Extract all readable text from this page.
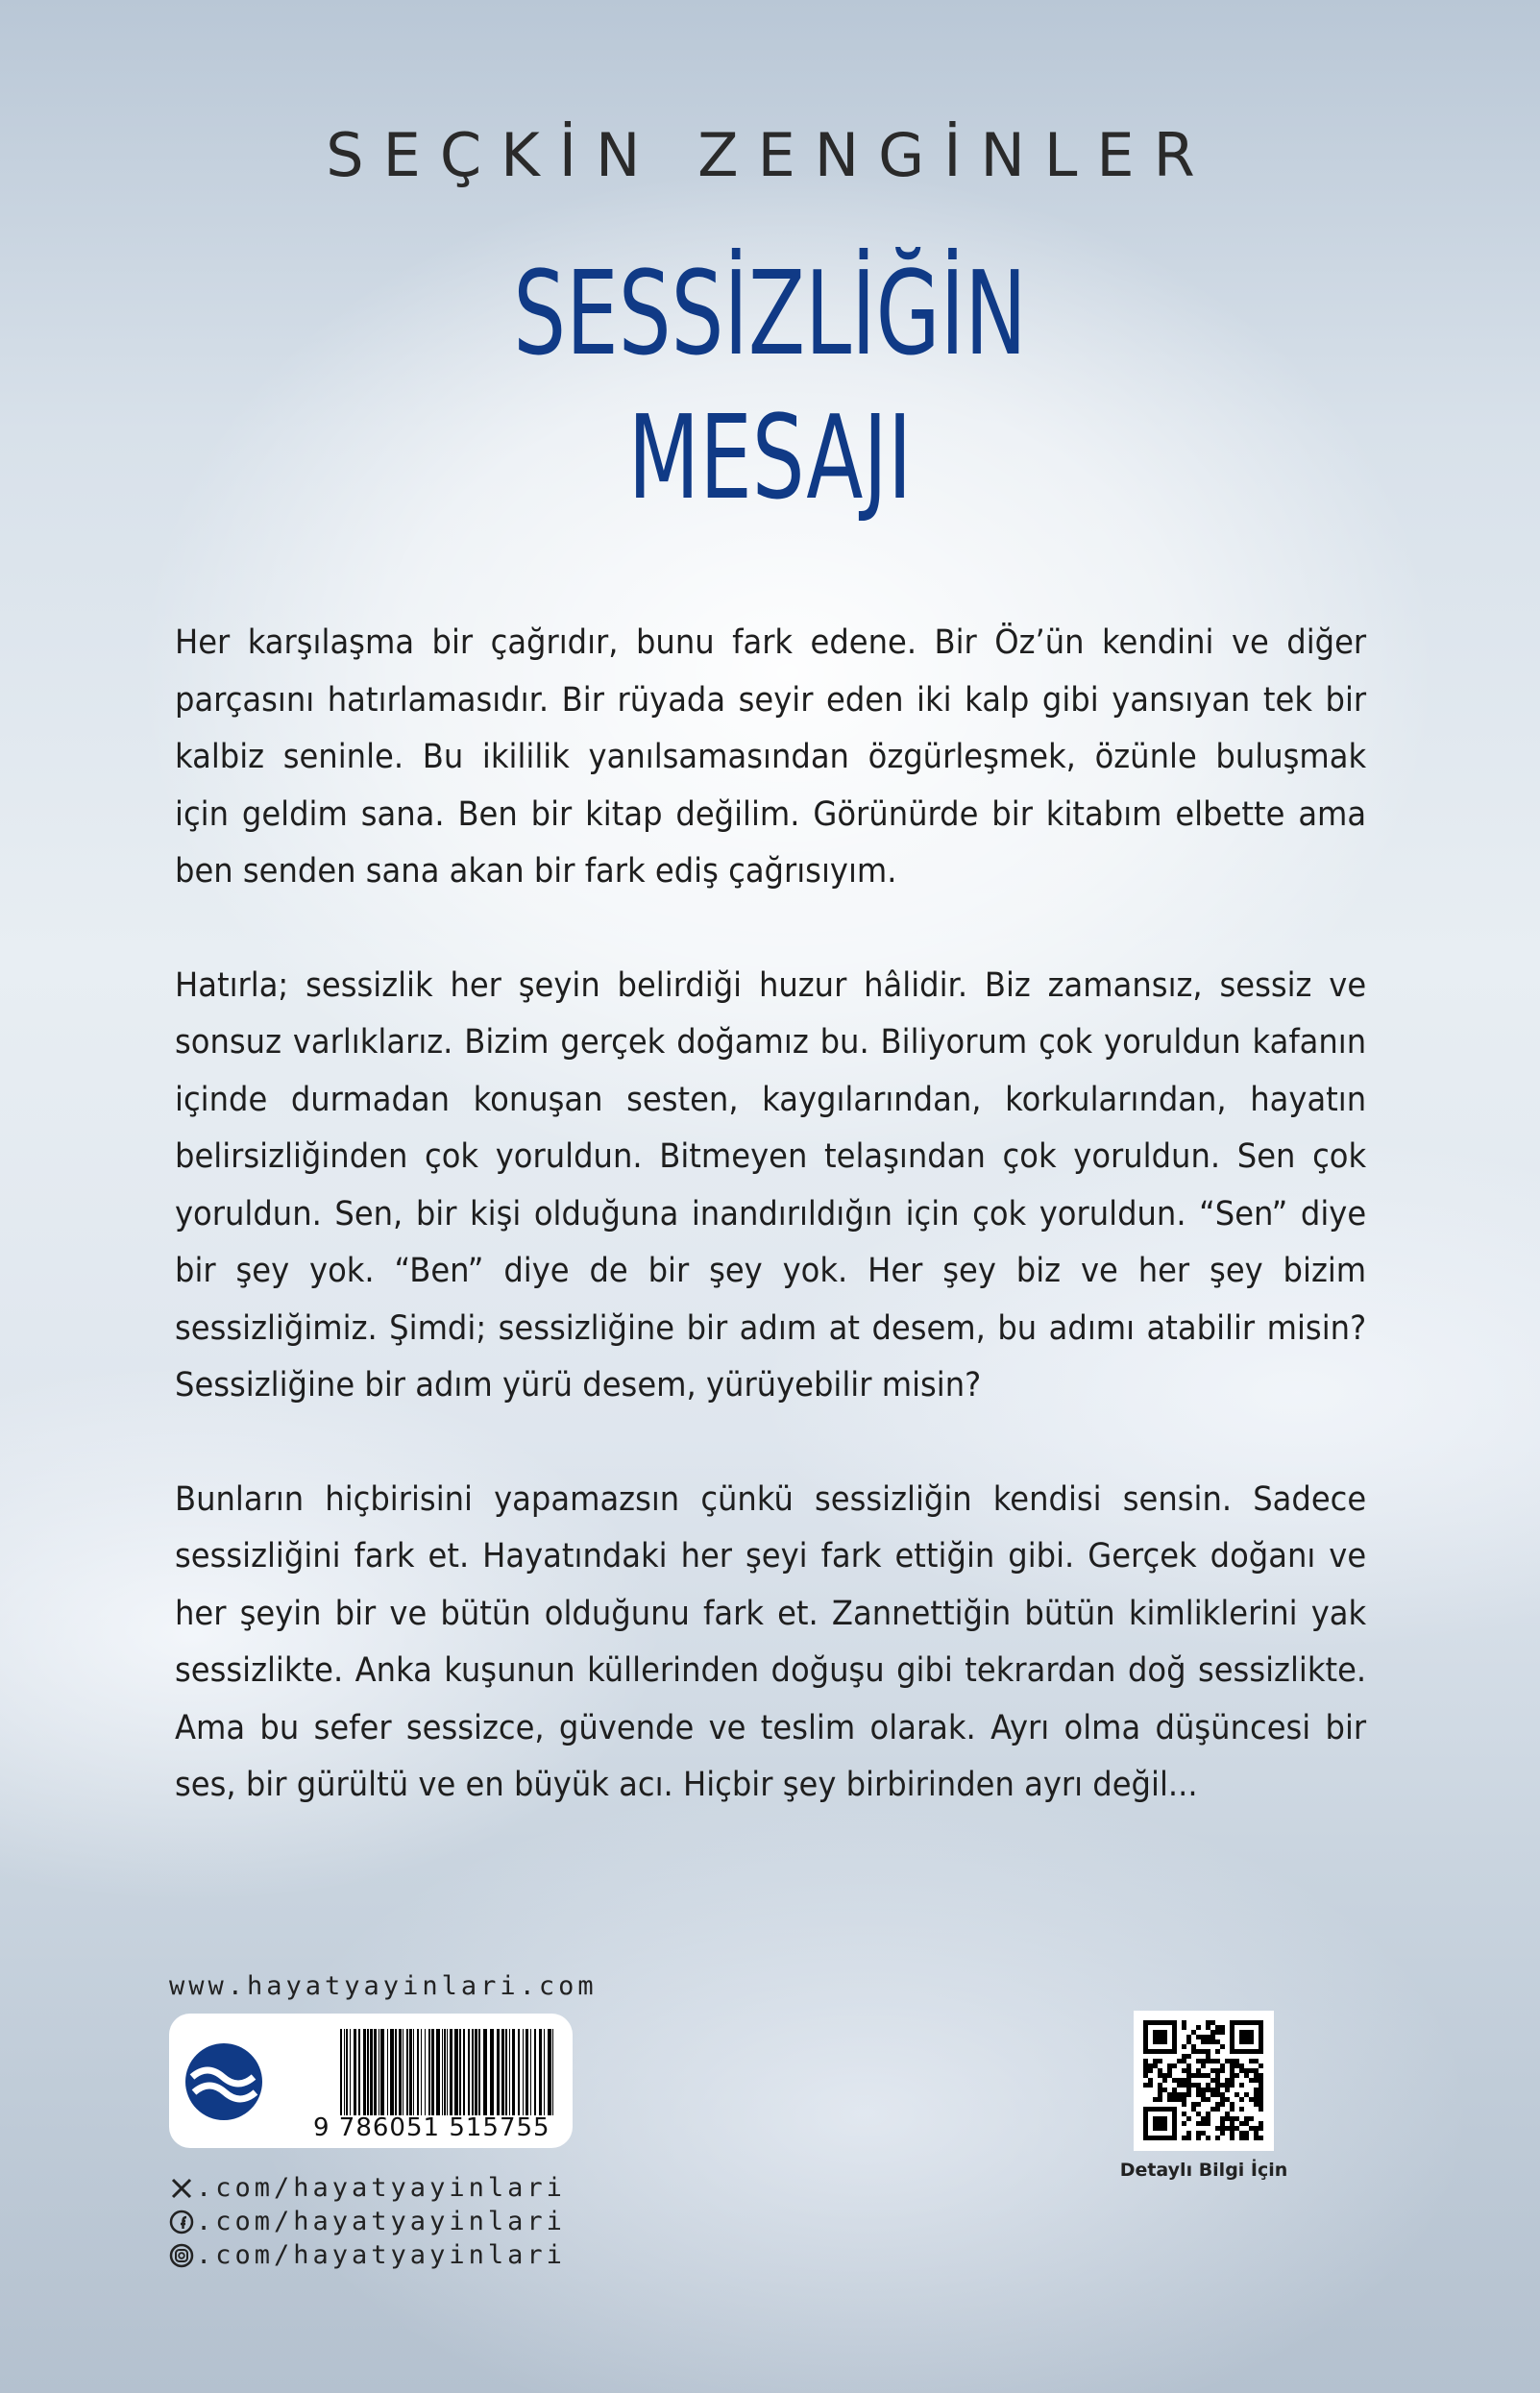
SEÇKİN ZENGİNLER
SESSİZLİĞİN
MESAJI

Her karşılaşma bir çağrıdır, bunu fark edene. Bir Öz’ün kendini ve diğer parçasını hatırlamasıdır. Bir rüyada seyir eden iki kalp gibi yansıyan tek bir kalbiz seninle. Bu ikililik yanılsamasından özgürleşmek, özünle buluşmak için geldim sana. Ben bir kitap değilim. Görünürde bir kitabım elbette ama ben senden sana akan bir fark ediş çağrısıyım.

Hatırla; sessizlik her şeyin belirdiği huzur hâlidir. Biz zamansız, sessiz ve sonsuz varlıklarız. Bizim gerçek doğamız bu. Biliyorum çok yoruldun kafanın içinde durmadan konuşan sesten, kaygılarından, korkularından, hayatın belirsizliğinden çok yoruldun. Bitmeyen telaşından çok yoruldun. Sen çok yoruldun. Sen, bir kişi olduğuna inandırıldığın için çok yoruldun. “Sen” diye bir şey yok. “Ben” diye de bir şey yok. Her şey biz ve her şey bizim sessizliğimiz. Şimdi; sessizliğine bir adım at desem, bu adımı atabilir misin? Sessizliğine bir adım yürü desem, yürüyebilir misin?

Bunların hiçbirisini yapamazsın çünkü sessizliğin kendisi sensin. Sadece sessizliğini fark et. Hayatındaki her şeyi fark ettiğin gibi. Gerçek doğanı ve her şeyin bir ve bütün olduğunu fark et. Zannettiğin bütün kimliklerini yak sessizlikte. Anka kuşunun küllerinden doğuşu gibi tekrardan doğ sessizlikte. Ama bu sefer sessizce, güvende ve teslim olarak. Ayrı olma düşüncesi bir ses, bir gürültü ve en büyük acı. Hiçbir şey birbirinden ayrı değil...

www.hayatyayinlari.com
9 786051 515755
.com/hayatyayinlari
.com/hayatyayinlari
.com/hayatyayinlari
Detaylı Bilgi İçin
